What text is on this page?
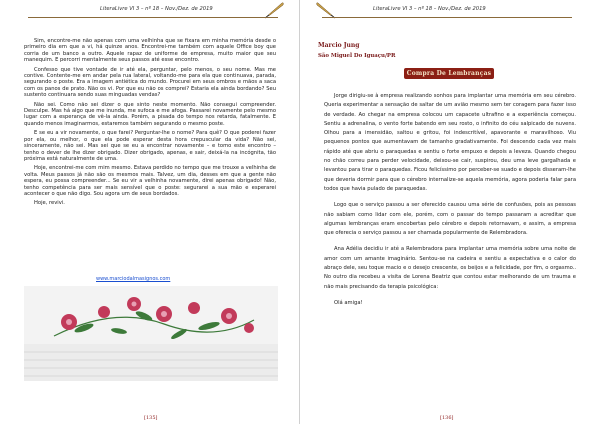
LiteraLivre VI 3 – nº 18 – Nov./Dez. de 2019

Sim, encontre-me não apenas com uma velhinha que se fixara em minha memória desde o primeiro dia em que a vi, há quinze anos. Encontrei-me também com aquele Office boy que corria de um banco a outro. Aquele rapaz de uniforme de empresa, muito maior que seu manequim. E percorri mentalmente seus passos até esse encontro.

Confesso que tive vontade de ir até ela, perguntar, pelo menos, o seu nome. Mas me contive. Contente-me em andar pela rua lateral, voltando-me para ela que continuava, parada, segurando o poste. Era a imagem antiética do mundo. Procurei em seus ombros e mãos a saca com os panos de prato. Não os vi. Por que eu não os comprei? Estaria ela ainda bordando? Seu sustento continuara sendo suas minguadas vendas?

Não sei. Como não sei dizer o que sinto neste momento. Não consegui compreender. Desculpe. Mas há algo que me inunda, me sufoca e me afoga. Passarei novamente pelo mesmo lugar com a esperança de vê-la ainda. Porém, a pisada do tempo nos retarda, fatalmente. E quando menos imaginarmos, estaremos também segurando o mesmo poste.

E se eu a vir novamente, o que farei? Perguntar-lhe o nome? Para quê? O que poderei fazer por ela, ou melhor, o que ela pode esperar desta hora crepuscular da vida? Não sei, sinceramente, não sei. Mas sei que se eu a encontrar novamente – e tomo este encontro – tenho o dever de lhe dizer obrigado. Dizer obrigado, apenas, e sair, deixá-la na incógnita, tão próxima está naturalmente de uma.

Hoje, encontrei-me com mim mesmo. Estava perdido no tempo que me trouxe a velhinha de volta. Meus passos já não são os mesmos mais. Talvez, um dia, desses em que a gente não espera, eu possa compreender... Se eu vir a velhinha novamente, direi apenas obrigado! Não, tenho competência para ser mais sensível que o poste: segurarei a sua mão e esperarei acontecer o que não digo. Sou agora um de seus bordados.

Hoje, revivi.

www.marciodalmasignos.com
[135]
LiteraLivre VI 3 – nº 18 – Nov./Dez. de 2019
Marcio Jung
São Miguel Do Iguaçu/PR
Compra De Lembranças

Jorge dirigiu-se à empresa realizando sonhos para implantar uma memória em seu cérebro. Queria experimentar a sensação de saltar de um avião mesmo sem ter coragem para fazer isso de verdade. Ao chegar na empresa colocou um capacete ultrafino e a experiência começou. Sentiu a adrenalina, o vento forte batendo em seu rosto, o infinito do céu salpicado de nuvens. Olhou para a imensidão, saltou e gritou, foi indescritível, apavorante e maravilhoso. Viu pequenos pontos que aumentavam de tamanho gradativamente. Foi descendo cada vez mais rápido até que abriu o paraquedas e sentiu o forte empuxo e depois a leveza. Quando chegou no chão correu para perder velocidade, deixou-se cair, suspirou, deu uma leve gargalhada e levantou para tirar o paraquedas. Ficou felicíssimo por perceber-se suado e depois disseram-lhe que deveria dormir para que o cérebro internalize-se aquela memória, agora poderia falar para todos que havia pulado de paraquedas.

Logo que o serviço passou a ser oferecido causou uma série de confusões, pois as pessoas não sabiam como lidar com ele, porém, com o passar do tempo passaram a acreditar que algumas lembranças eram encobertas pelo cérebro e depois retornavam, e assim, a empresa que oferecia o serviço passou a ser chamada popularmente de Relembradora.

Ana Adélia decidiu ir até a Relembradora para implantar uma memória sobre uma noite de amor com um amante imaginário. Sentou-se na cadeira e sentiu a expectativa e o calor do abraço dele, seu toque macio e o desejo crescente, os beijos e a felicidade, por fim, o orgasmo.. No outro dia recebeu a visita de Lorena Beatriz que contou estar melhorando de um trauma e não mais precisando da terapia psicológica:

Olá amiga!

[136]
